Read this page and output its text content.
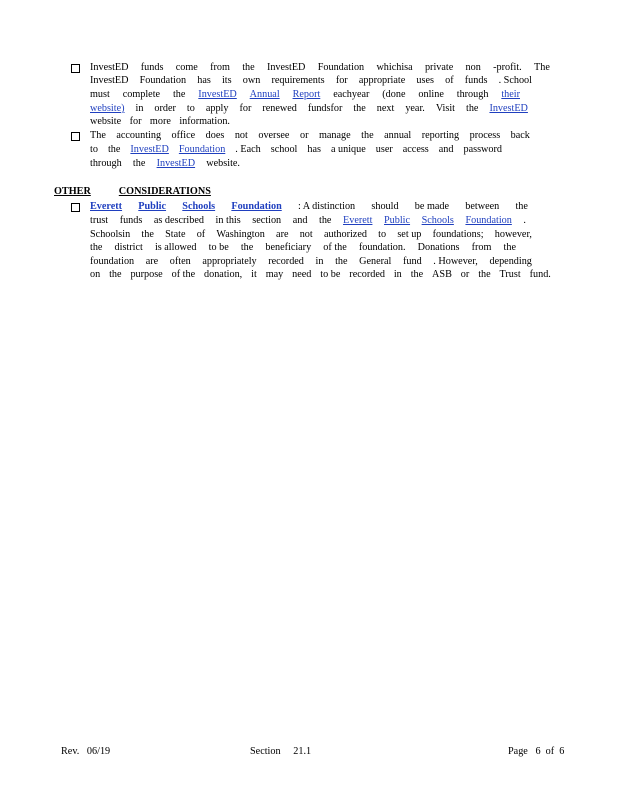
InvestED funds come from the InvestED Foundation whichisa private non -profit. The
InvestED Foundation has its own requirements for appropriate uses of funds . School
must complete the InvestED Annual Report eachyear (done online through their
website) in order to apply for renewed fundsfor the next year. Visit the InvestED
website for more information.
The accounting office does not oversee or manage the annual reporting process back
to the InvestED Foundation . Each school has a unique user access and password
through the InvestED website.
OTHER	CONSIDERATIONS
Everett Public Schools Foundation : A distinction should be made between the
trust funds as described in this section and the Everett Public Schools Foundation .
Schoolsin the State of Washington are not authorized to set up foundations; however,
the district is allowed to be the beneficiary of the foundation. Donations from the
foundation are often appropriately recorded in the General fund . However, depending
on the purpose of the donation, it may need to be recorded in the ASB or the Trust fund.
Rev.   06/19	Section     21.1	Page   6  of  6
